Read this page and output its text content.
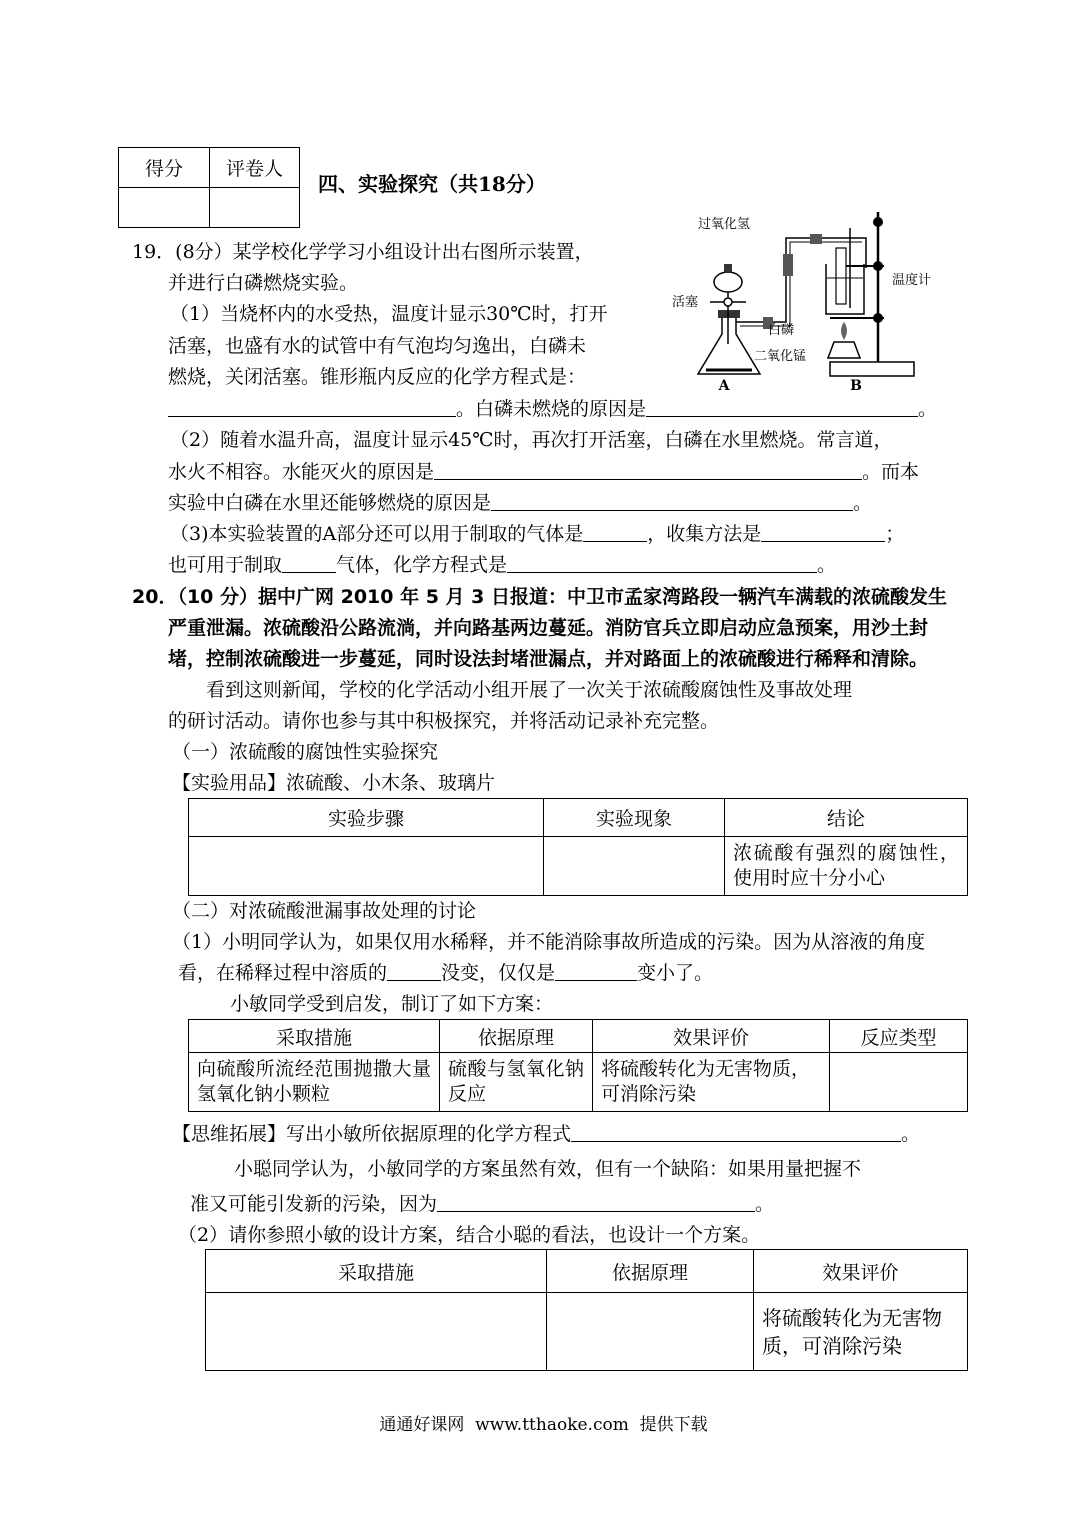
得分	评卷人

四、实验探究（共18分）
19．(8分）某学校化学学习小组设计出右图所示装置，
并进行白磷燃烧实验。
（1）当烧杯内的水受热，温度计显示30℃时，打开
活塞，也盛有水的试管中有气泡均匀逸出，白磷未
燃烧，关闭活塞。锥形瓶内反应的化学方程式是：
。白磷未燃烧的原因是	。
（2）随着水温升高，温度计显示45℃时，再次打开活塞，白磷在水里燃烧。常言道，
水火不相容。水能灭火的原因是	。而本
实验中白磷在水里还能够燃烧的原因是	。
（3)本实验装置的A部分还可以用于制取的气体是	，收集方法是	；
也可用于制取	气体，化学方程式是	。
过氧化氢
活塞
白磷
二氧化锰
温度计
A	B
20．（10 分）据中广网 2010 年 5 月 3 日报道：中卫市孟家湾路段一辆汽车满载的浓硫酸发生
严重泄漏。浓硫酸沿公路流淌，并向路基两边蔓延。消防官兵立即启动应急预案，用沙土封
堵，控制浓硫酸进一步蔓延，同时设法封堵泄漏点，并对路面上的浓硫酸进行稀释和清除。
看到这则新闻，学校的化学活动小组开展了一次关于浓硫酸腐蚀性及事故处理
的研讨活动。请你也参与其中积极探究，并将活动记录补充完整。
（一）浓硫酸的腐蚀性实验探究
【实验用品】浓硫酸、小木条、玻璃片
实验步骤	实验现象	结论
		浓硫酸有强烈的腐蚀性，使用时应十分小心
（二）对浓硫酸泄漏事故处理的讨论
（1）小明同学认为，如果仅用水稀释，并不能消除事故所造成的污染。因为从溶液的角度
看，在稀释过程中溶质的	没变，仅仅是	变小了。
小敏同学受到启发，制订了如下方案：
采取措施	依据原理	效果评价	反应类型
向硫酸所流经范围抛撒大量氢氧化钠小颗粒	硫酸与氢氧化钠反应	将硫酸转化为无害物质，可消除污染	
【思维拓展】写出小敏所依据原理的化学方程式	。
小聪同学认为，小敏同学的方案虽然有效，但有一个缺陷：如果用量把握不
准又可能引发新的污染，因为	。
（2）请你参照小敏的设计方案，结合小聪的看法，也设计一个方案。
采取措施	依据原理	效果评价
		将硫酸转化为无害物质，可消除污染
通通好课网  www.tthaoke.com  提供下载
